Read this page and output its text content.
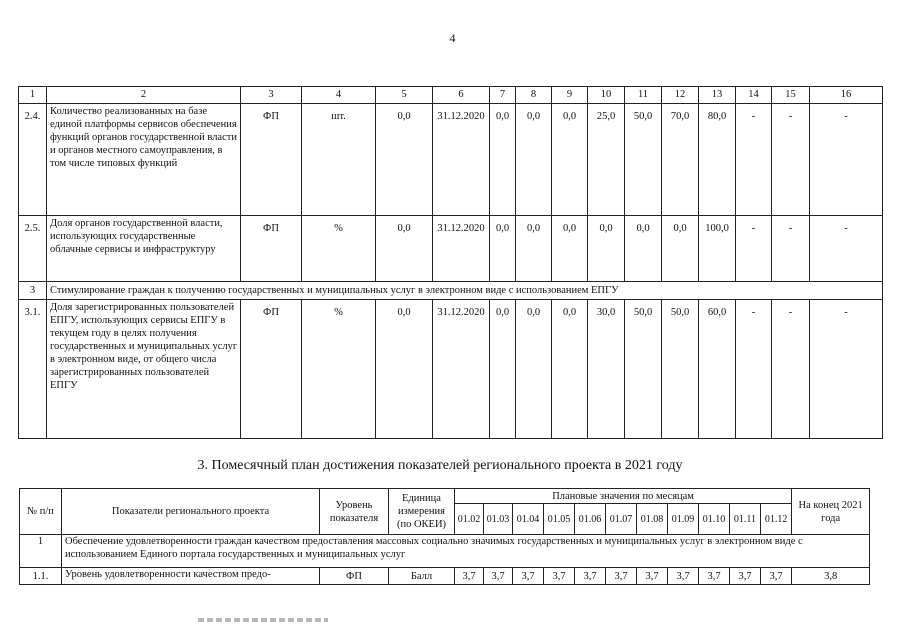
4
1	2	3	4	5	6	7	8	9	10	11	12	13	14	15	16
2.4.	Количество реализованных на базе единой платформы сервисов обеспечения функций органов государственной власти и органов местного самоуправления, в том числе типовых функций	ФП	шт.	0,0	31.12.2020	0,0	0,0	0,0	25,0	50,0	70,0	80,0	-	-	-
2.5.	Доля органов государственной власти, использующих государственные облачные сервисы и инфраструктуру	ФП	%	0,0	31.12.2020	0,0	0,0	0,0	0,0	0,0	0,0	100,0	-	-	-
3	Стимулирование граждан к получению государственных и муниципальных услуг в электронном виде с использованием ЕПГУ														
3.1.	Доля зарегистрированных пользователей ЕПГУ, использующих сервисы ЕПГУ в текущем году в целях получения государственных и муниципальных услуг в электронном виде, от общего числа зарегистрированных пользователей ЕПГУ	ФП	%	0,0	31.12.2020	0,0	0,0	0,0	30,0	50,0	50,0	60,0	-	-	-
3. Помесячный план достижения показателей регионального проекта в 2021 году
№ п/п	Показатели регионального проекта	Уровень показателя	Единица измерения (по ОКЕИ)	Плановые значения по месяцам											На конец 2021 года
				01.02	01.03	01.04	01.05	01.06	01.07	01.08	01.09	01.10	01.11	01.12	
1	Обеспечение удовлетворенности граждан качеством предоставления массовых социально значимых государственных и муниципальных услуг в электронном виде с использованием Единого портала государственных и муниципальных услуг														
1.1.	Уровень удовлетворенности качеством предо-	ФП	Балл	3,7	3,7	3,7	3,7	3,7	3,7	3,7	3,7	3,7	3,7	3,7	3,8
